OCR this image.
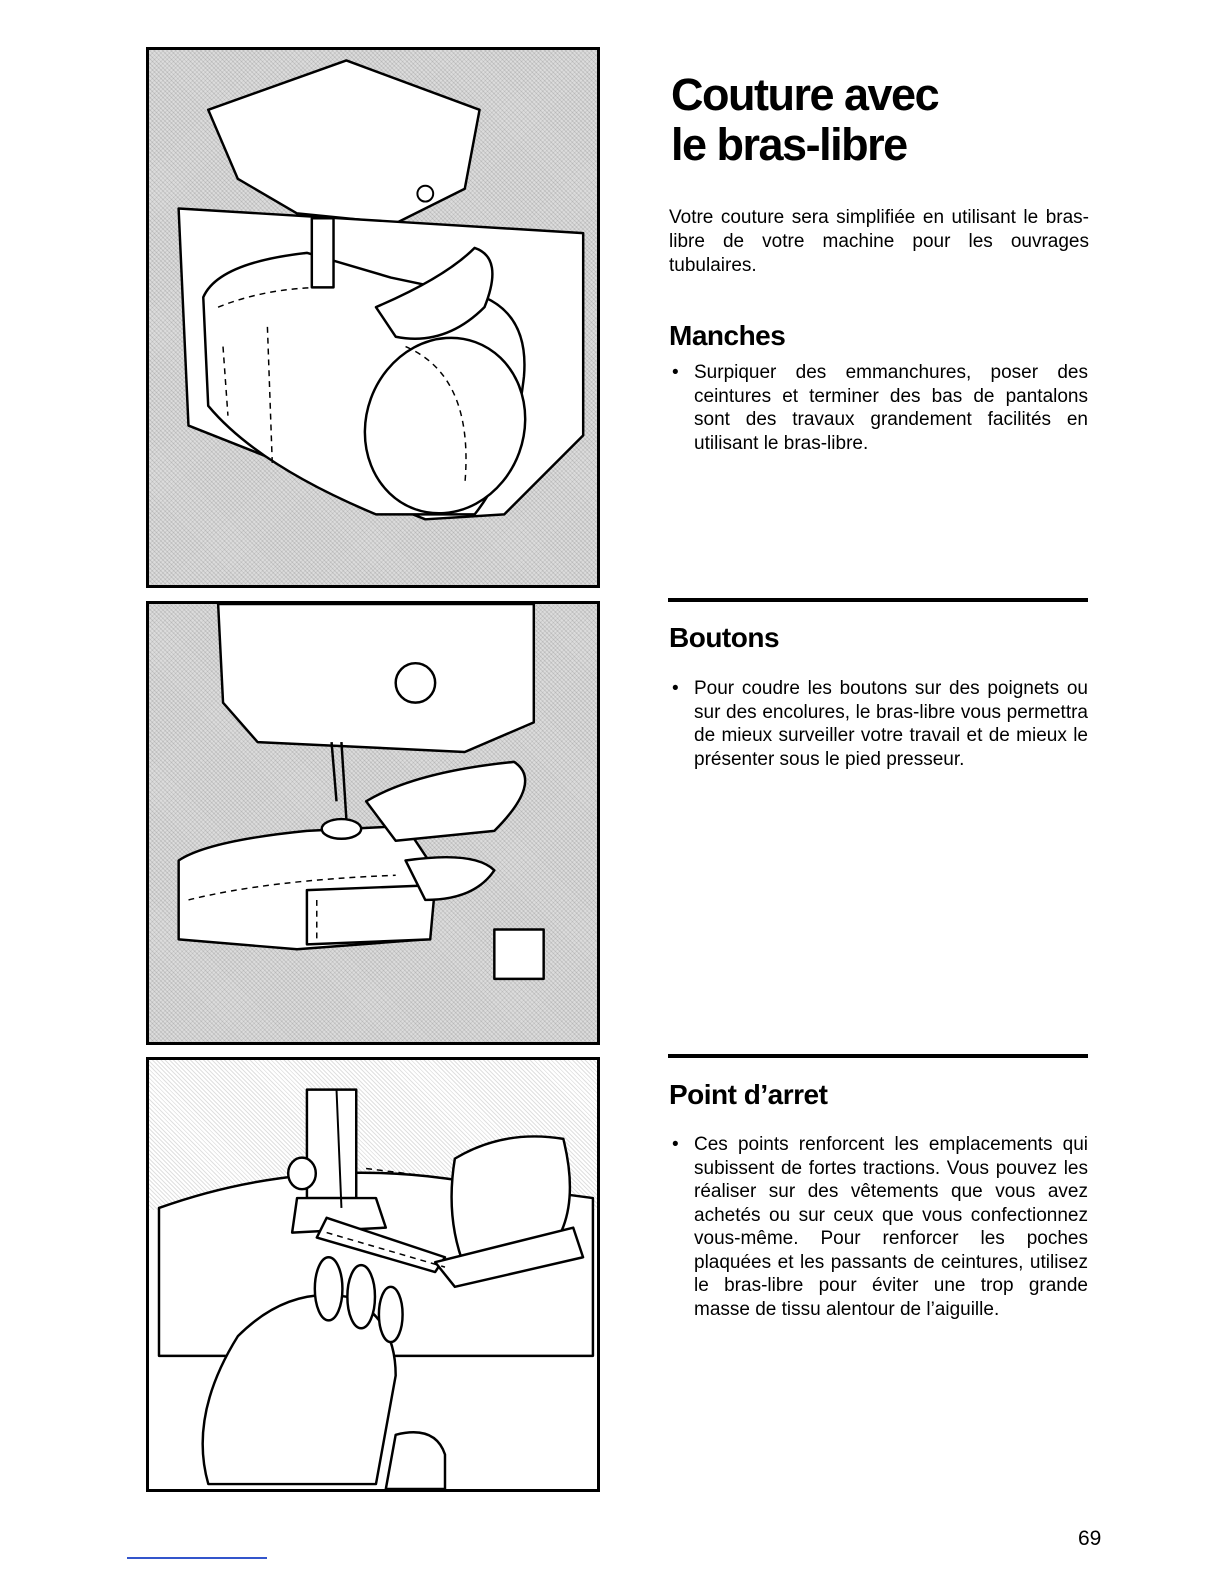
Couture avec
le bras-libre

Votre couture sera simplifiée en utilisant le bras-libre de votre machine pour les ouvrages tubulaires.

Manches

• Surpiquer des emmanchures, poser des ceintures et terminer des bas de pantalons sont des travaux grandement facilités en utilisant le bras-libre.

Boutons

• Pour coudre les boutons sur des poignets ou sur des encolures, le bras-libre vous permettra de mieux surveiller votre travail et de mieux le présenter sous le pied presseur.

Point d’arret

• Ces points renforcent les emplacements qui subissent de fortes tractions. Vous pouvez les réaliser sur des vêtements que vous avez achetés ou sur ceux que vous confectionnez vous-même. Pour renforcer les poches plaquées et les passants de ceintures, utilisez le bras-libre pour éviter une trop grande masse de tissu alentour de l’aiguille.

69
